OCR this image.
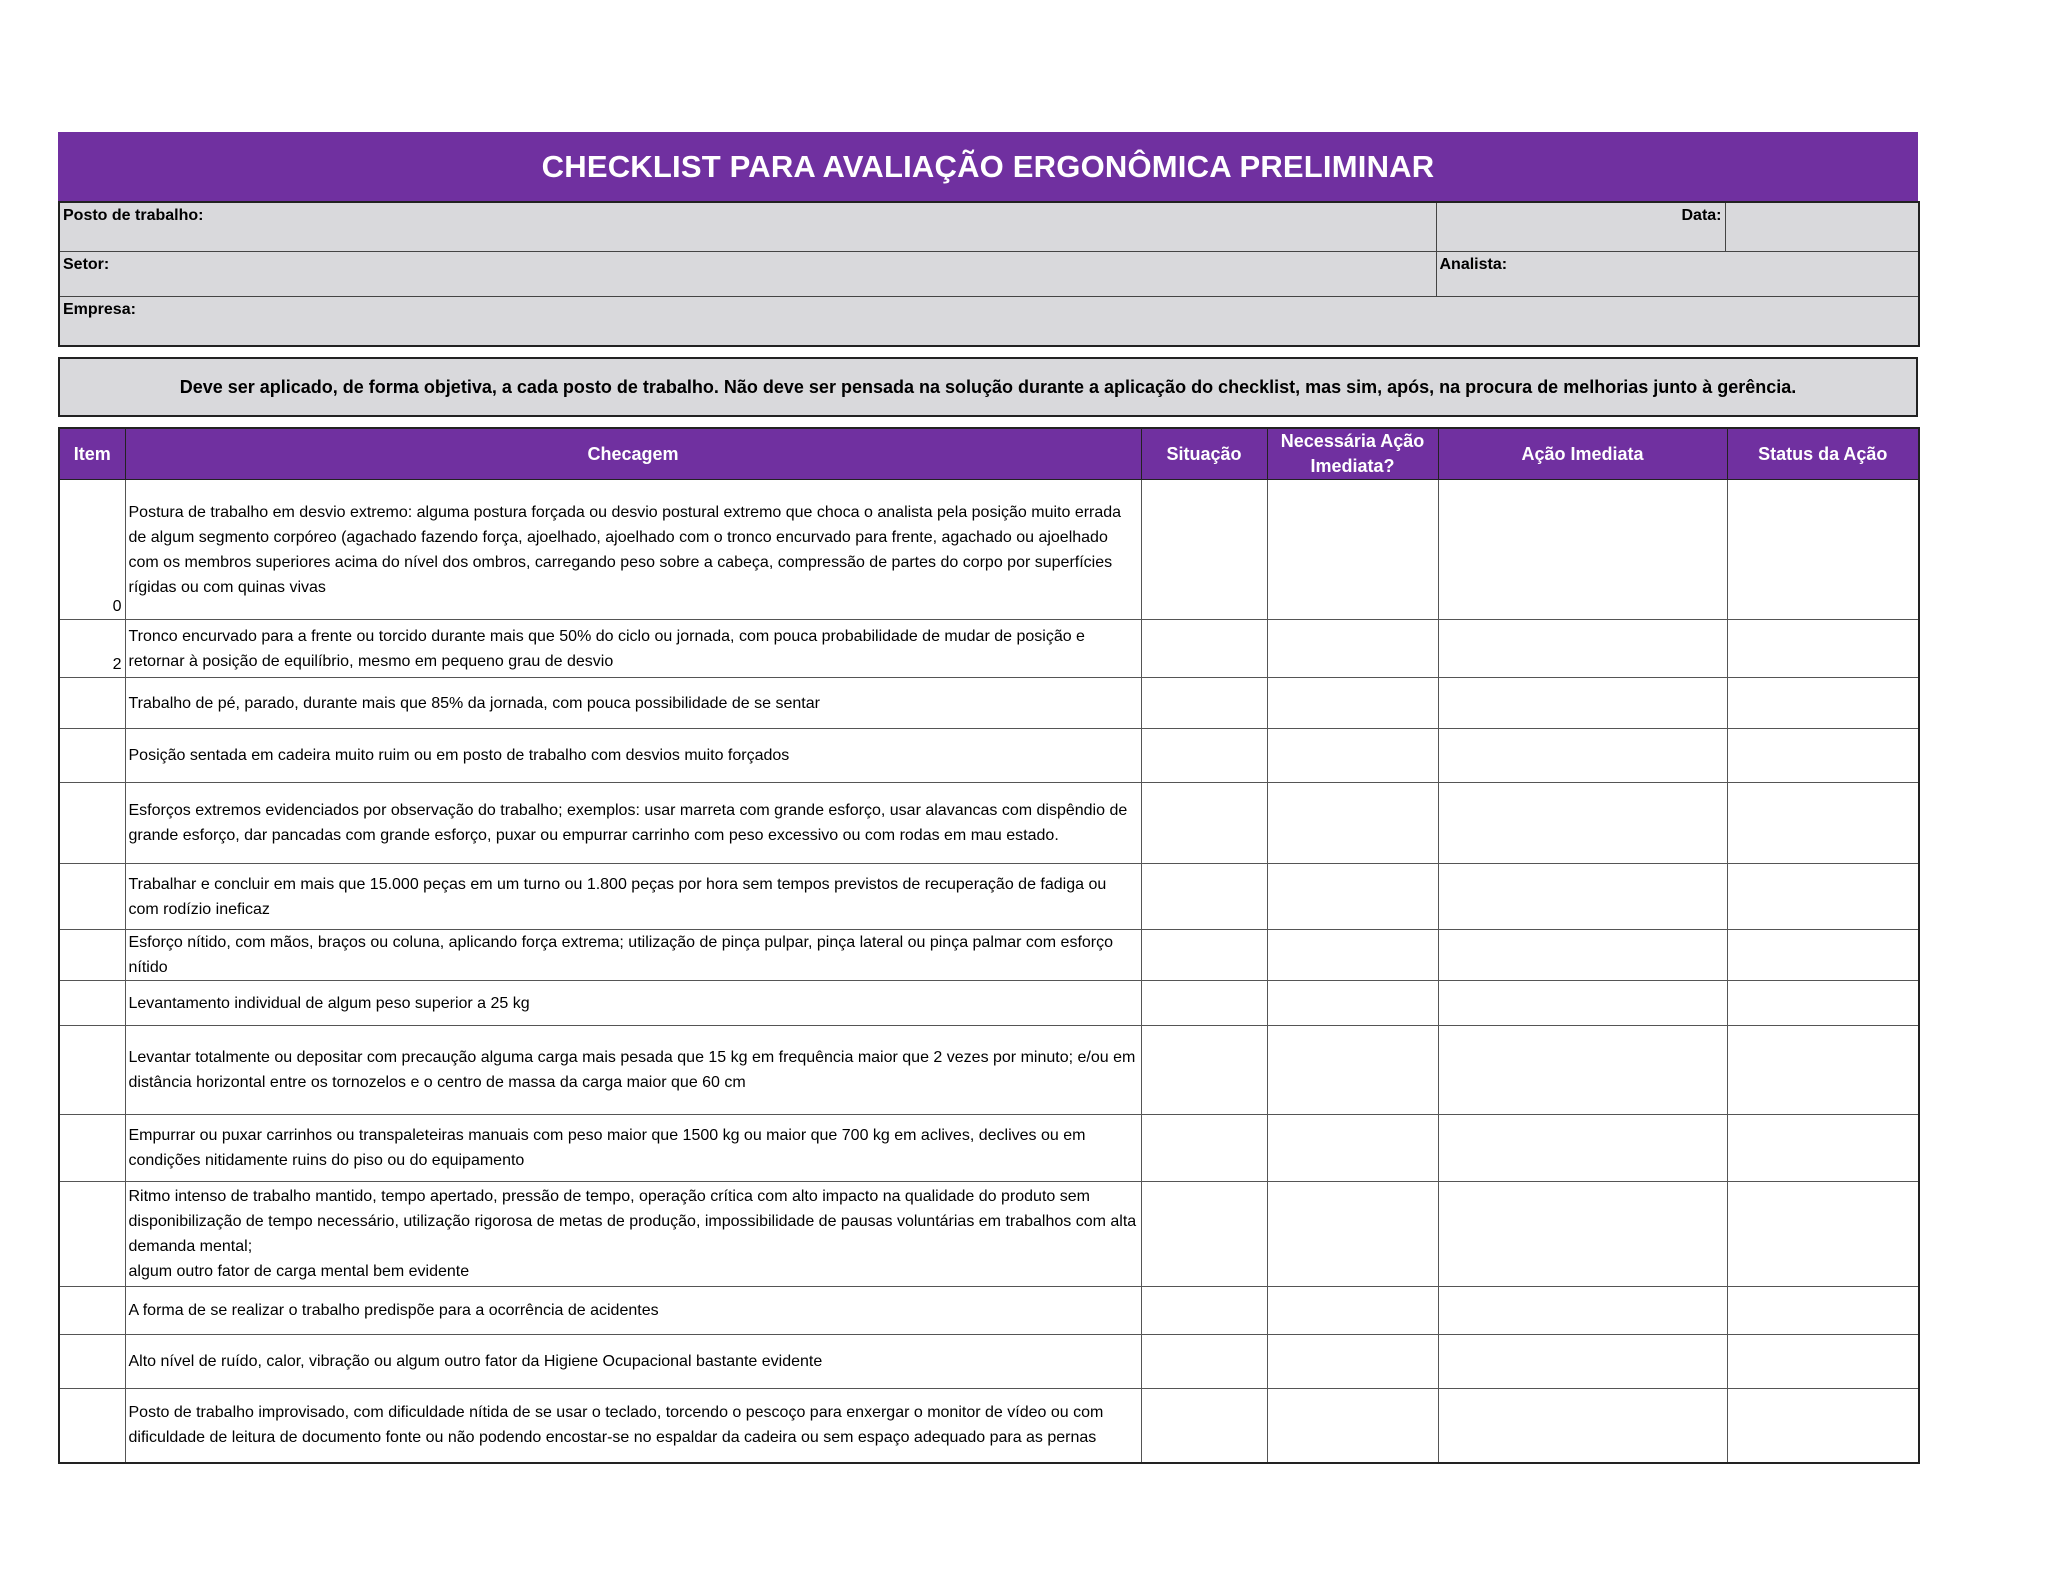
CHECKLIST PARA AVALIAÇÃO ERGONÔMICA PRELIMINAR
Posto de trabalho:	Data:	
Setor:	Analista:	
Empresa:		
Deve ser aplicado, de forma objetiva, a cada posto de trabalho. Não deve ser pensada na solução durante a aplicação do checklist, mas sim, após, na procura de melhorias junto à gerência.
Item	Checagem	Situação	Necessária Ação Imediata?	Ação Imediata	Status da Ação
0	Postura de trabalho em desvio extremo: alguma postura forçada ou desvio postural extremo que choca o analista pela posição muito errada de algum segmento corpóreo (agachado fazendo força, ajoelhado, ajoelhado com o tronco encurvado para frente, agachado ou ajoelhado com os membros superiores acima do nível dos ombros, carregando peso sobre a cabeça, compressão de partes do corpo por superfícies rígidas ou com quinas vivas				
2	Tronco encurvado para a frente ou torcido durante mais que 50% do ciclo ou jornada, com pouca probabilidade de mudar de posição e retornar à posição de equilíbrio, mesmo em pequeno grau de desvio				
	Trabalho de pé, parado, durante mais que 85% da jornada, com pouca possibilidade de se sentar				
	Posição sentada em cadeira muito ruim ou em posto de trabalho com desvios muito forçados				
	Esforços extremos evidenciados por observação do trabalho; exemplos: usar marreta com grande esforço, usar alavancas com dispêndio de grande esforço, dar pancadas com grande esforço, puxar ou empurrar carrinho com peso excessivo ou com rodas em mau estado.				
	Trabalhar e concluir em mais que 15.000 peças em um turno ou 1.800 peças por hora sem tempos previstos de recuperação de fadiga ou com rodízio ineficaz				
	Esforço nítido, com mãos, braços ou coluna, aplicando força extrema; utilização de pinça pulpar, pinça lateral ou pinça palmar com esforço nítido				
	Levantamento individual de algum peso superior a 25 kg				
	Levantar totalmente ou depositar com precaução alguma carga mais pesada que 15 kg em frequência maior que 2 vezes por minuto; e/ou em distância horizontal entre os tornozelos e o centro de massa da carga maior que 60 cm				
	Empurrar ou puxar carrinhos ou transpaleteiras manuais com peso maior que 1500 kg ou maior que 700 kg em aclives, declives ou em condições nitidamente ruins do piso ou do equipamento				
	Ritmo intenso de trabalho mantido, tempo apertado, pressão de tempo, operação crítica com alto impacto na qualidade do produto sem disponibilização de tempo necessário, utilização rigorosa de metas de produção, impossibilidade de pausas voluntárias em trabalhos com alta demanda mental;
algum outro fator de carga mental bem evidente				
	A forma de se realizar o trabalho predispõe para a ocorrência de acidentes				
	Alto nível de ruído, calor, vibração ou algum outro fator da Higiene Ocupacional bastante evidente				
	Posto de trabalho improvisado, com dificuldade nítida de se usar o teclado, torcendo o pescoço para enxergar o monitor de vídeo ou com dificuldade de leitura de documento fonte ou não podendo encostar-se no espaldar da cadeira ou sem espaço adequado para as pernas				
